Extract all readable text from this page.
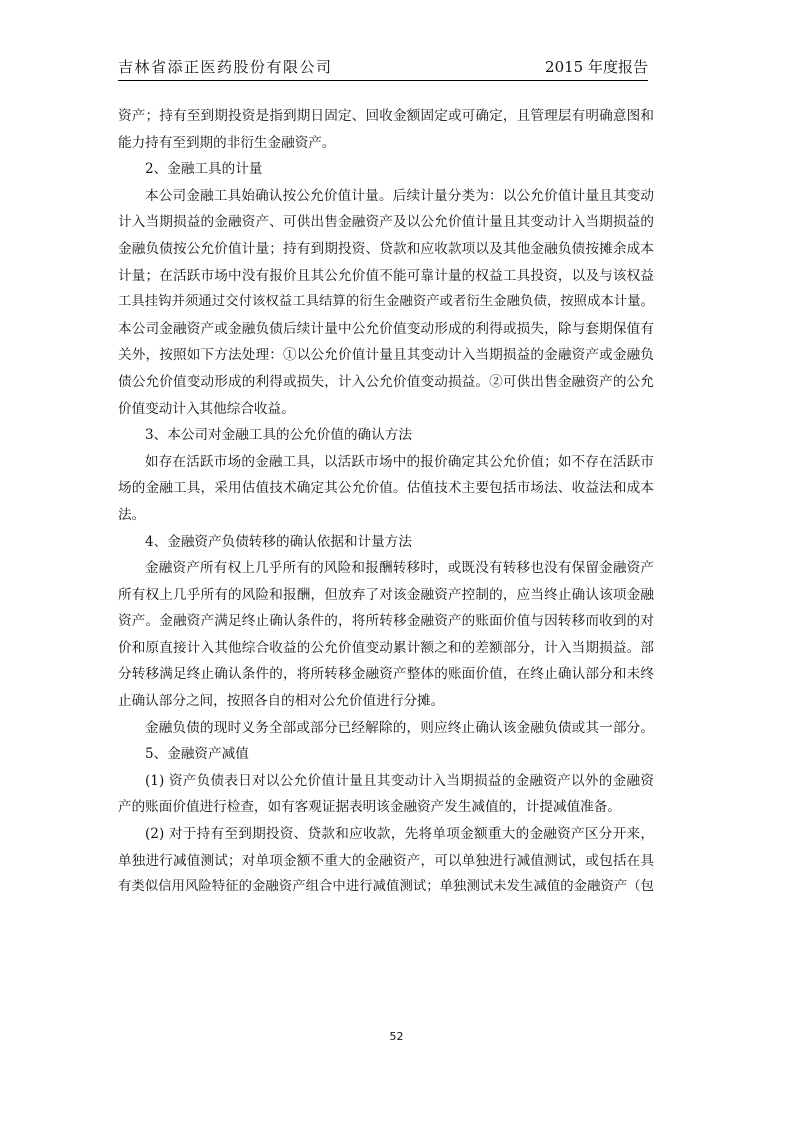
吉林省添正医药股份有限公司	2015 年度报告
资产；持有至到期投资是指到期日固定、回收金额固定或可确定，且管理层有明确意图和
能力持有至到期的非衍生金融资产。
2、金融工具的计量
本公司金融工具始确认按公允价值计量。后续计量分类为：以公允价值计量且其变动
计入当期损益的金融资产、可供出售金融资产及以公允价值计量且其变动计入当期损益的
金融负债按公允价值计量；持有到期投资、贷款和应收款项以及其他金融负债按摊余成本
计量；在活跃市场中没有报价且其公允价值不能可靠计量的权益工具投资，以及与该权益
工具挂钩并须通过交付该权益工具结算的衍生金融资产或者衍生金融负债，按照成本计量。
本公司金融资产或金融负债后续计量中公允价值变动形成的利得或损失，除与套期保值有
关外，按照如下方法处理：①以公允价值计量且其变动计入当期损益的金融资产或金融负
债公允价值变动形成的利得或损失，计入公允价值变动损益。②可供出售金融资产的公允
价值变动计入其他综合收益。
3、本公司对金融工具的公允价值的确认方法
如存在活跃市场的金融工具，以活跃市场中的报价确定其公允价值；如不存在活跃市
场的金融工具，采用估值技术确定其公允价值。估值技术主要包括市场法、收益法和成本
法。
4、金融资产负债转移的确认依据和计量方法
金融资产所有权上几乎所有的风险和报酬转移时，或既没有转移也没有保留金融资产
所有权上几乎所有的风险和报酬，但放弃了对该金融资产控制的，应当终止确认该项金融
资产。金融资产满足终止确认条件的，将所转移金融资产的账面价值与因转移而收到的对
价和原直接计入其他综合收益的公允价值变动累计额之和的差额部分，计入当期损益。部
分转移满足终止确认条件的，将所转移金融资产整体的账面价值，在终止确认部分和未终
止确认部分之间，按照各自的相对公允价值进行分摊。
金融负债的现时义务全部或部分已经解除的，则应终止确认该金融负债或其一部分。
5、金融资产减值
(1) 资产负债表日对以公允价值计量且其变动计入当期损益的金融资产以外的金融资
产的账面价值进行检查，如有客观证据表明该金融资产发生减值的，计提减值准备。
(2) 对于持有至到期投资、贷款和应收款，先将单项金额重大的金融资产区分开来，
单独进行减值测试；对单项金额不重大的金融资产，可以单独进行减值测试，或包括在具
有类似信用风险特征的金融资产组合中进行减值测试；单独测试未发生减值的金融资产（包
52
